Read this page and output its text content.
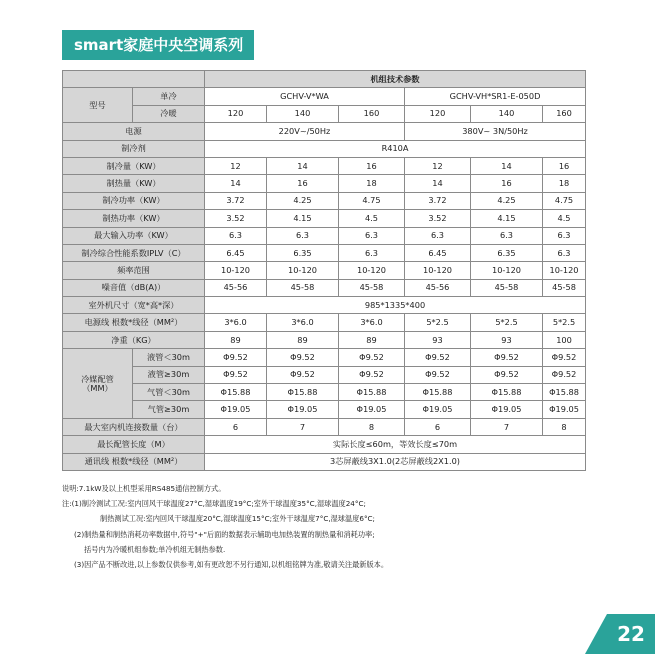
smart家庭中央空调系列
		机组技术参数					
型号	单冷	GCHV-V*WA			GCHV-VH*SR1-E-050D		
	冷暖	120	140	160	120	140	160
电源		220V~/50Hz			380V~ 3N/50Hz		
制冷剂		R410A					
制冷量（KW）		12	14	16	12	14	16
制热量（KW）		14	16	18	14	16	18
制冷功率（KW）		3.72	4.25	4.75	3.72	4.25	4.75
制热功率（KW）		3.52	4.15	4.5	3.52	4.15	4.5
最大输入功率（KW）		6.3	6.3	6.3	6.3	6.3	6.3
制冷综合性能系数IPLV（C）		6.45	6.35	6.3	6.45	6.35	6.3
频率范围		10-120	10-120	10-120	10-120	10-120	10-120
噪音值（dB(A)）		45-56	45-58	45-58	45-56	45-58	45-58
室外机尺寸（宽*高*深）		985*1335*400					
电源线 根数*线径（MM²）		3*6.0	3*6.0	3*6.0	5*2.5	5*2.5	5*2.5
净重（KG）		89	89	89	93	93	100
冷媒配管
（MM）	液管＜30m	Φ9.52	Φ9.52	Φ9.52	Φ9.52	Φ9.52	Φ9.52
	液管≥30m	Φ9.52	Φ9.52	Φ9.52	Φ9.52	Φ9.52	Φ9.52
	气管＜30m	Φ15.88	Φ15.88	Φ15.88	Φ15.88	Φ15.88	Φ15.88
	气管≥30m	Φ19.05	Φ19.05	Φ19.05	Φ19.05	Φ19.05	Φ19.05
最大室内机连接数量（台）		6	7	8	6	7	8
最长配管长度（M）		实际长度≤60m，等效长度≤70m					
通讯线 根数*线径（MM²）		3芯屏蔽线3X1.0(2芯屏蔽线2X1.0)					
说明:7.1kW及以上机型采用RS485通信控制方式。
注:(1)制冷测试工况:室内回风干球温度27°C,湿球温度19°C;室外干球温度35°C,湿球温度24°C;
制热测试工况:室内回风干球温度20°C,湿球温度15°C;室外干球温度7°C,湿球温度6°C;
(2)制热量和制热消耗功率数据中,符号"+"后面的数据表示辅助电加热装置的制热量和消耗功率;
括号内为冷暖机组参数;单冷机组无制热参数.
(3)因产品不断改进,以上参数仅供参考,如有更改恕不另行通知,以机组铭牌为准,敬请关注最新版本。
22
